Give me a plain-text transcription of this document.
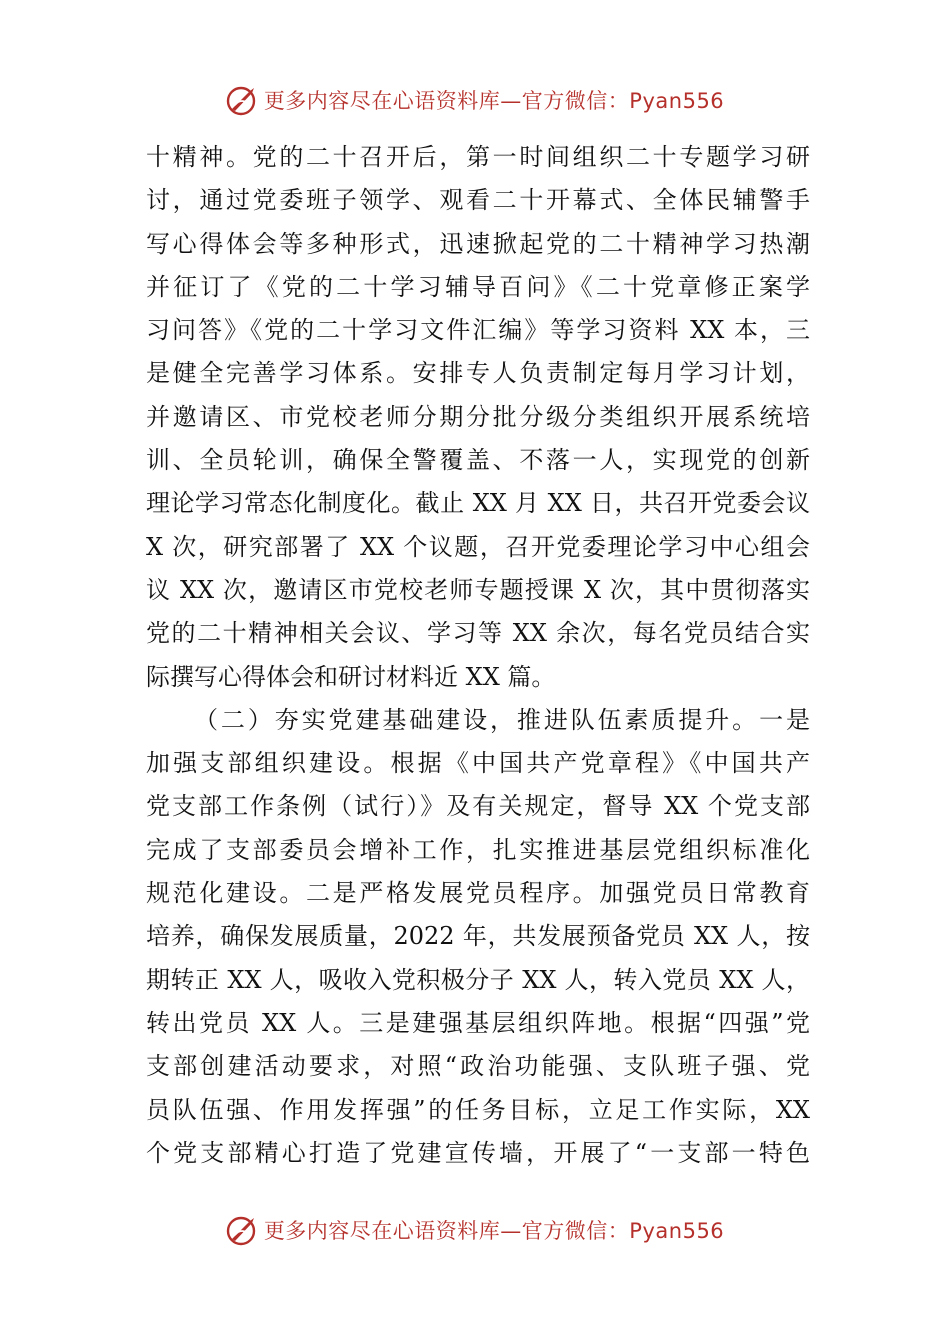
更多内容尽在心语资料库—官方微信：Pyan556
十精神。党的二十召开后，第一时间组织二十专题学习研
讨，通过党委班子领学、观看二十开幕式、全体民辅警手
写心得体会等多种形式，迅速掀起党的二十精神学习热潮
并征订了《党的二十学习辅导百问》《二十党章修正案学
习问答》《党的二十学习文件汇编》等学习资料 XX 本，三
是健全完善学习体系。安排专人负责制定每月学习计划，
并邀请区、市党校老师分期分批分级分类组织开展系统培
训、全员轮训，确保全警覆盖、不落一人，实现党的创新
理论学习常态化制度化。截止 XX 月 XX 日，共召开党委会议
X 次，研究部署了 XX 个议题，召开党委理论学习中心组会
议 XX 次，邀请区市党校老师专题授课 X 次，其中贯彻落实
党的二十精神相关会议、学习等 XX 余次，每名党员结合实
际撰写心得体会和研讨材料近 XX 篇。
（二）夯实党建基础建设，推进队伍素质提升。一是
加强支部组织建设。根据《中国共产党章程》《中国共产
党支部工作条例（试行）》及有关规定，督导 XX 个党支部
完成了支部委员会增补工作，扎实推进基层党组织标准化
规范化建设。二是严格发展党员程序。加强党员日常教育
培养，确保发展质量，2022 年，共发展预备党员 XX 人，按
期转正 XX 人，吸收入党积极分子 XX 人，转入党员 XX 人，
转出党员 XX 人。三是建强基层组织阵地。根据“四强”党
支部创建活动要求，对照“政治功能强、支队班子强、党
员队伍强、作用发挥强”的任务目标，立足工作实际，XX
个党支部精心打造了党建宣传墙，开展了“一支部一特色
更多内容尽在心语资料库—官方微信：Pyan556
